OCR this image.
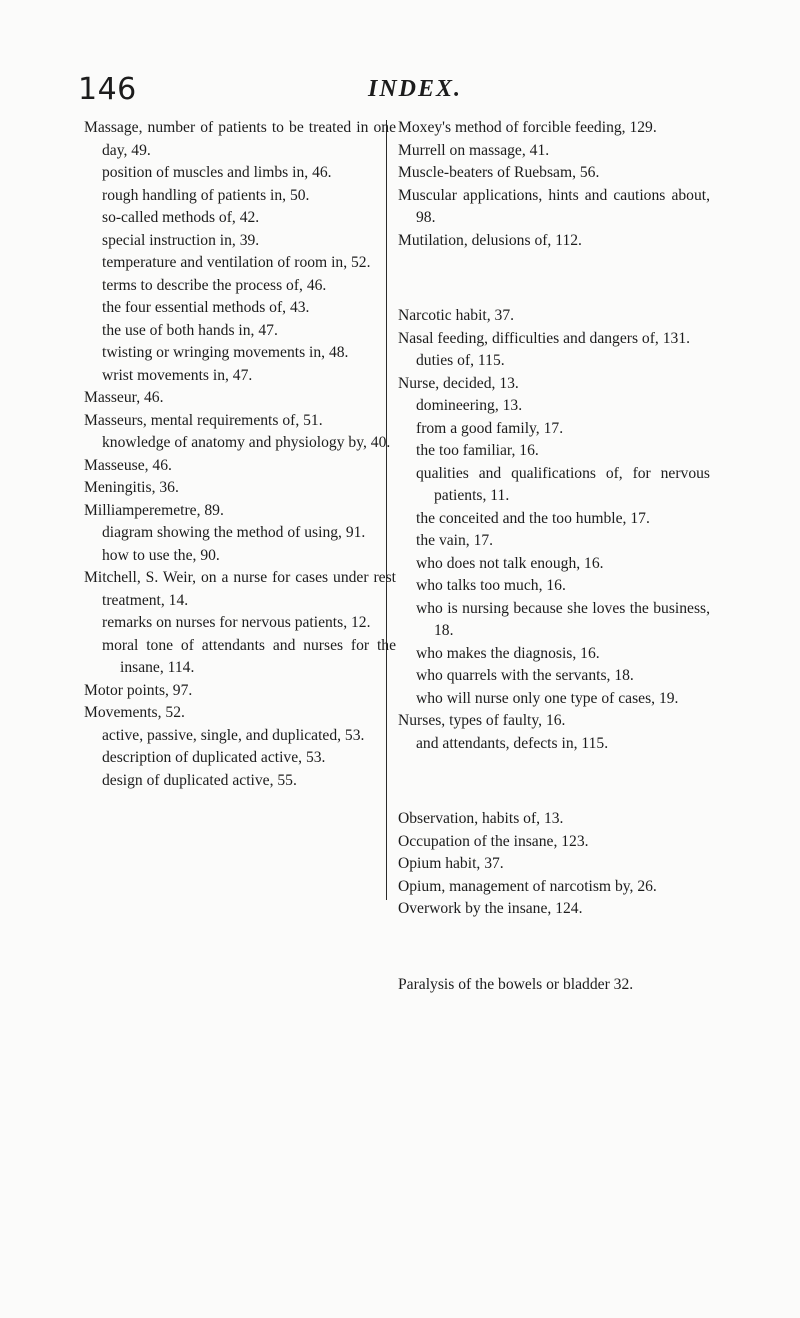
146	INDEX.

Massage, number of patients to be treated in one day, 49.

position of muscles and limbs in, 46.

rough handling of patients in, 50.

so-called methods of, 42.

special instruction in, 39.

temperature and ventilation of room in, 52.

terms to describe the process of, 46.

the four essential methods of, 43.

the use of both hands in, 47.

twisting or wringing movements in, 48.

wrist movements in, 47.

Masseur, 46.

Masseurs, mental requirements of, 51.

knowledge of anatomy and physiology by, 40.

Masseuse, 46.

Meningitis, 36.

Milliamperemetre, 89.

diagram showing the method of using, 91.

how to use the, 90.

Mitchell, S. Weir, on a nurse for cases under rest treatment, 14.

remarks on nurses for nervous patients, 12.

moral tone of attendants and nurses for the insane, 114.

Motor points, 97.

Movements, 52.

active, passive, single, and duplicated, 53.

description of duplicated active, 53.

design of duplicated active, 55.

Moxey's method of forcible feeding, 129.

Murrell on massage, 41.

Muscle-beaters of Ruebsam, 56.

Muscular applications, hints and cautions about, 98.

Mutilation, delusions of, 112.

Narcotic habit, 37.

Nasal feeding, difficulties and dangers of, 131.

duties of, 115.

Nurse, decided, 13.

domineering, 13.

from a good family, 17.

the too familiar, 16.

qualities and qualifications of, for nervous patients, 11.

the conceited and the too humble, 17.

the vain, 17.

who does not talk enough, 16.

who talks too much, 16.

who is nursing because she loves the business, 18.

who makes the diagnosis, 16.

who quarrels with the servants, 18.

who will nurse only one type of cases, 19.

Nurses, types of faulty, 16.

and attendants, defects in, 115.

Observation, habits of, 13.

Occupation of the insane, 123.

Opium habit, 37.

Opium, management of narcotism by, 26.

Overwork by the insane, 124.

Paralysis of the bowels or bladder 32.
